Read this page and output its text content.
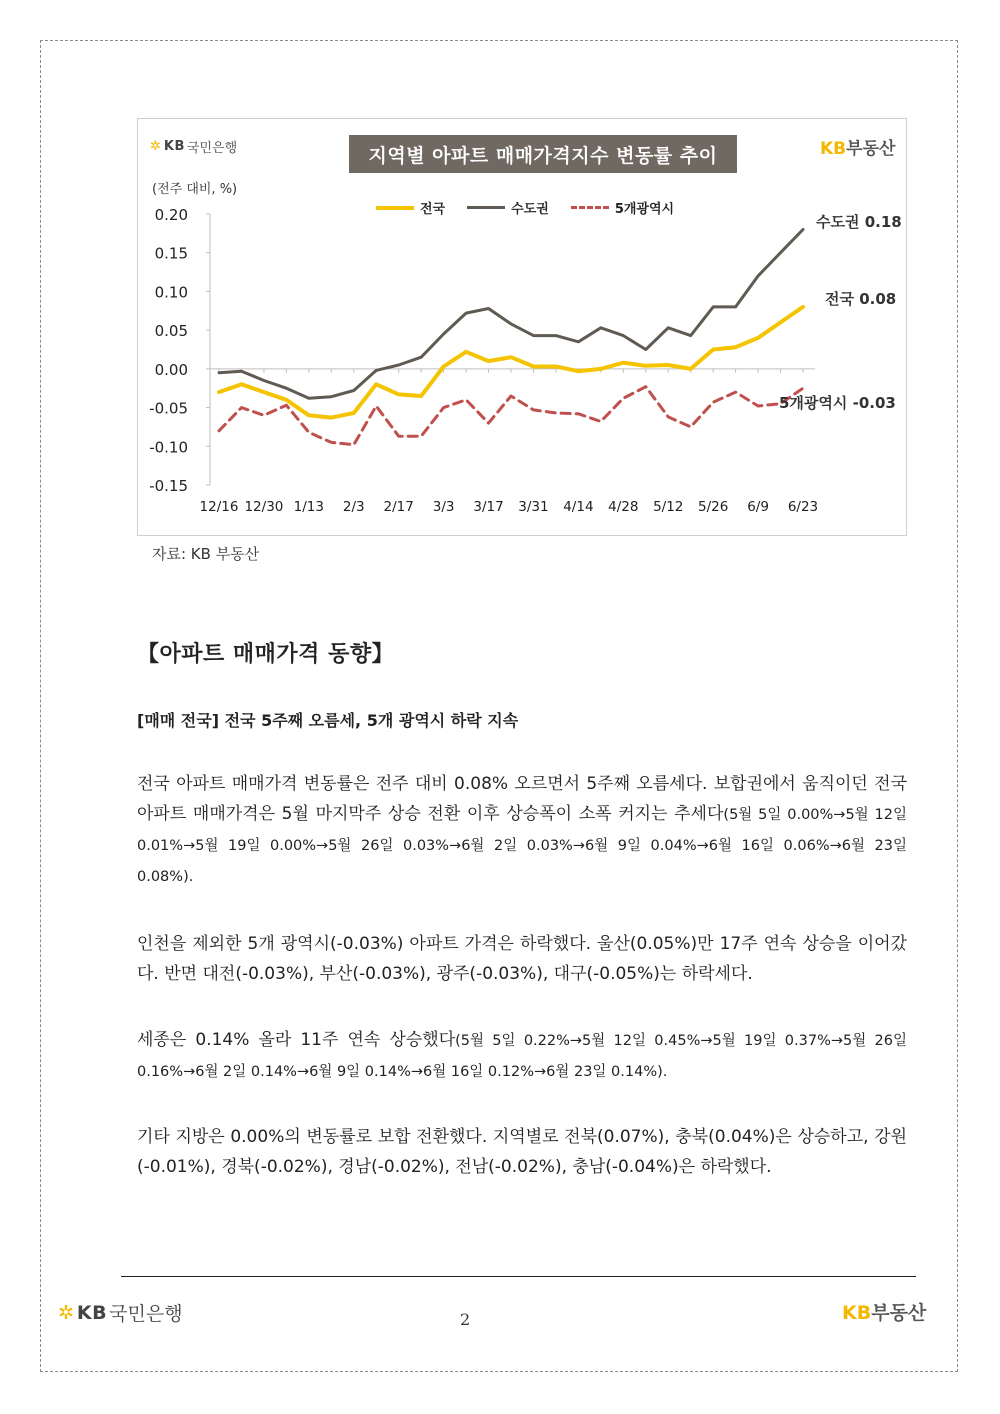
0.20
0.15
0.10
0.05
0.00
-0.05
-0.10
-0.15
12/16 12/30 1/13 2/3 2/17 3/3 3/17 3/31 4/14 4/28 5/12 5/26 6/9 6/23
수도권 0.18
전국 0.08
5개광역시 -0.03
✲ KB 국민은행	KB부동산
지역별 아파트 매매가격지수 변동률 추이
(전주 대비, %)
전국	수도권	5개광역시
자료: KB 부동산
【아파트 매매가격 동향】
[매매 전국] 전국 5주째 오름세, 5개 광역시 하락 지속

전국 아파트 매매가격 변동률은 전주 대비 0.08% 오르면서 5주째 오름세다. 보합권에서 움직이던 전국 아파트 매매가격은 5월 마지막주 상승 전환 이후 상승폭이 소폭 커지는 추세다(5월 5일 0.00%→5월 12일 0.01%→5월 19일 0.00%→5월 26일 0.03%→6월 2일 0.03%→6월 9일 0.04%→6월 16일 0.06%→6월 23일 0.08%).

인천을 제외한 5개 광역시(-0.03%) 아파트 가격은 하락했다. 울산(0.05%)만 17주 연속 상승을 이어갔다. 반면 대전(-0.03%), 부산(-0.03%), 광주(-0.03%), 대구(-0.05%)는 하락세다.

세종은 0.14% 올라 11주 연속 상승했다(5월 5일 0.22%→5월 12일 0.45%→5월 19일 0.37%→5월 26일 0.16%→6월 2일 0.14%→6월 9일 0.14%→6월 16일 0.12%→6월 23일 0.14%).

기타 지방은 0.00%의 변동률로 보합 전환했다. 지역별로 전북(0.07%), 충북(0.04%)은 상승하고, 강원(-0.01%), 경북(-0.02%), 경남(-0.02%), 전남(-0.02%), 충남(-0.04%)은 하락했다.

✲ KB 국민은행	2	KB부동산
